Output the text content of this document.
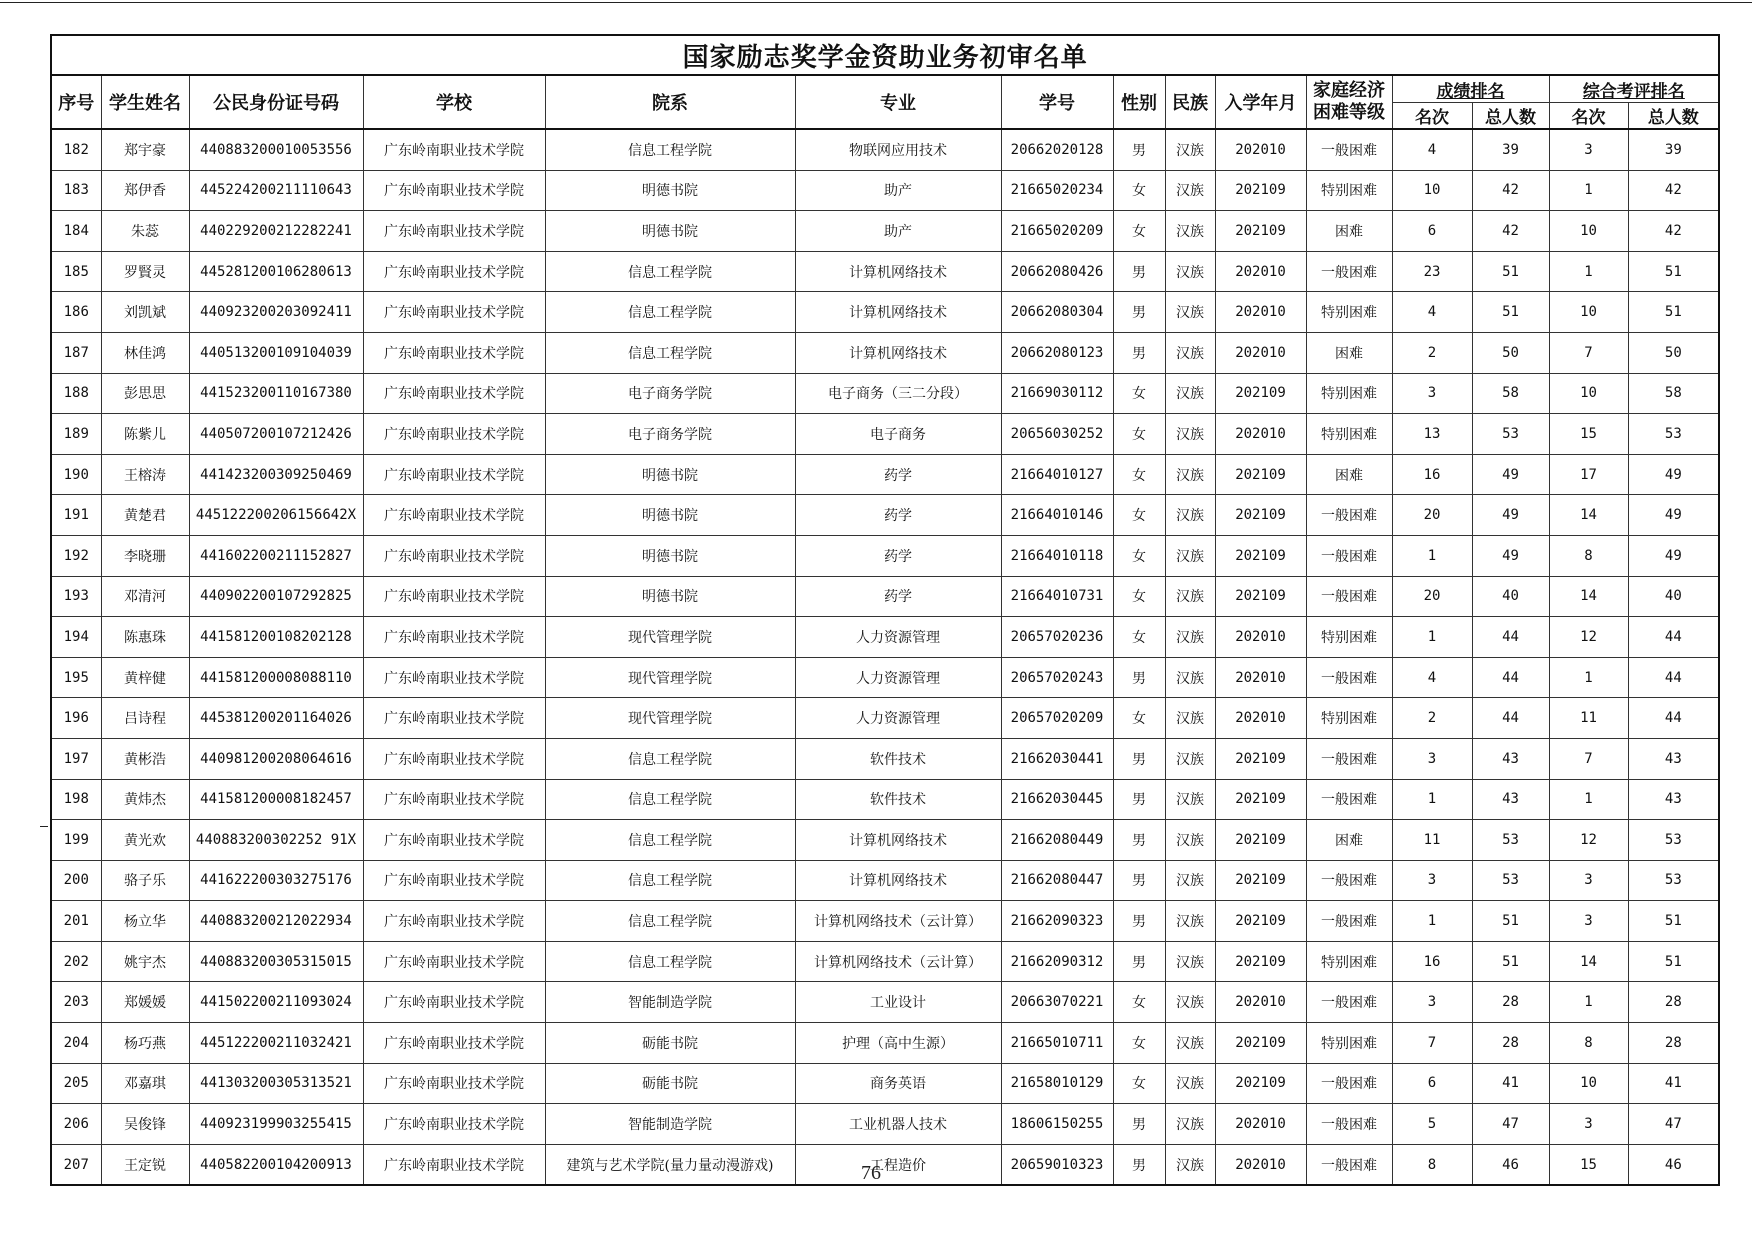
国家励志奖学金资助业务初审名单														
序号	学生姓名	公民身份证号码	学校	院系	专业	学号	性别	民族	入学年月	家庭经济
困难等级	成绩排名		综合考评排名	
											名次	总人数	名次	总人数
182	郑宇豪	440883200010053556	广东岭南职业技术学院	信息工程学院	物联网应用技术	20662020128	男	汉族	202010	一般困难	4	39	3	39
183	郑伊香	445224200211110643	广东岭南职业技术学院	明德书院	助产	21665020234	女	汉族	202109	特别困难	10	42	1	42
184	朱蕊	440229200212282241	广东岭南职业技术学院	明德书院	助产	21665020209	女	汉族	202109	困难	6	42	10	42
185	罗賢灵	445281200106280613	广东岭南职业技术学院	信息工程学院	计算机网络技术	20662080426	男	汉族	202010	一般困难	23	51	1	51
186	刘凯斌	440923200203092411	广东岭南职业技术学院	信息工程学院	计算机网络技术	20662080304	男	汉族	202010	特别困难	4	51	10	51
187	林佳鸿	440513200109104039	广东岭南职业技术学院	信息工程学院	计算机网络技术	20662080123	男	汉族	202010	困难	2	50	7	50
188	彭思思	441523200110167380	广东岭南职业技术学院	电子商务学院	电子商务（三二分段）	21669030112	女	汉族	202109	特别困难	3	58	10	58
189	陈紫儿	440507200107212426	广东岭南职业技术学院	电子商务学院	电子商务	20656030252	女	汉族	202010	特别困难	13	53	15	53
190	王榕涛	441423200309250469	广东岭南职业技术学院	明德书院	药学	21664010127	女	汉族	202109	困难	16	49	17	49
191	黄楚君	445122200206156642X	广东岭南职业技术学院	明德书院	药学	21664010146	女	汉族	202109	一般困难	20	49	14	49
192	李晓珊	441602200211152827	广东岭南职业技术学院	明德书院	药学	21664010118	女	汉族	202109	一般困难	1	49	8	49
193	邓清河	440902200107292825	广东岭南职业技术学院	明德书院	药学	21664010731	女	汉族	202109	一般困难	20	40	14	40
194	陈惠珠	441581200108202128	广东岭南职业技术学院	现代管理学院	人力资源管理	20657020236	女	汉族	202010	特别困难	1	44	12	44
195	黄梓健	441581200008088110	广东岭南职业技术学院	现代管理学院	人力资源管理	20657020243	男	汉族	202010	一般困难	4	44	1	44
196	吕诗程	445381200201164026	广东岭南职业技术学院	现代管理学院	人力资源管理	20657020209	女	汉族	202010	特别困难	2	44	11	44
197	黄彬浩	440981200208064616	广东岭南职业技术学院	信息工程学院	软件技术	21662030441	男	汉族	202109	一般困难	3	43	7	43
198	黄炜杰	441581200008182457	广东岭南职业技术学院	信息工程学院	软件技术	21662030445	男	汉族	202109	一般困难	1	43	1	43
199	黄光欢	440883200302252 91X	广东岭南职业技术学院	信息工程学院	计算机网络技术	21662080449	男	汉族	202109	困难	11	53	12	53
200	骆子乐	441622200303275176	广东岭南职业技术学院	信息工程学院	计算机网络技术	21662080447	男	汉族	202109	一般困难	3	53	3	53
201	杨立华	440883200212022934	广东岭南职业技术学院	信息工程学院	计算机网络技术（云计算）	21662090323	男	汉族	202109	一般困难	1	51	3	51
202	姚宇杰	440883200305315015	广东岭南职业技术学院	信息工程学院	计算机网络技术（云计算）	21662090312	男	汉族	202109	特别困难	16	51	14	51
203	郑媛媛	441502200211093024	广东岭南职业技术学院	智能制造学院	工业设计	20663070221	女	汉族	202010	一般困难	3	28	1	28
204	杨巧燕	445122200211032421	广东岭南职业技术学院	砺能书院	护理（高中生源）	21665010711	女	汉族	202109	特别困难	7	28	8	28
205	邓嘉琪	441303200305313521	广东岭南职业技术学院	砺能书院	商务英语	21658010129	女	汉族	202109	一般困难	6	41	10	41
206	吴俊锋	440923199903255415	广东岭南职业技术学院	智能制造学院	工业机器人技术	18606150255	男	汉族	202010	一般困难	5	47	3	47
207	王定锐	440582200104200913	广东岭南职业技术学院	建筑与艺术学院(量力量动漫游戏)	工程造价	20659010323	男	汉族	202010	一般困难	8	46	15	46
76
